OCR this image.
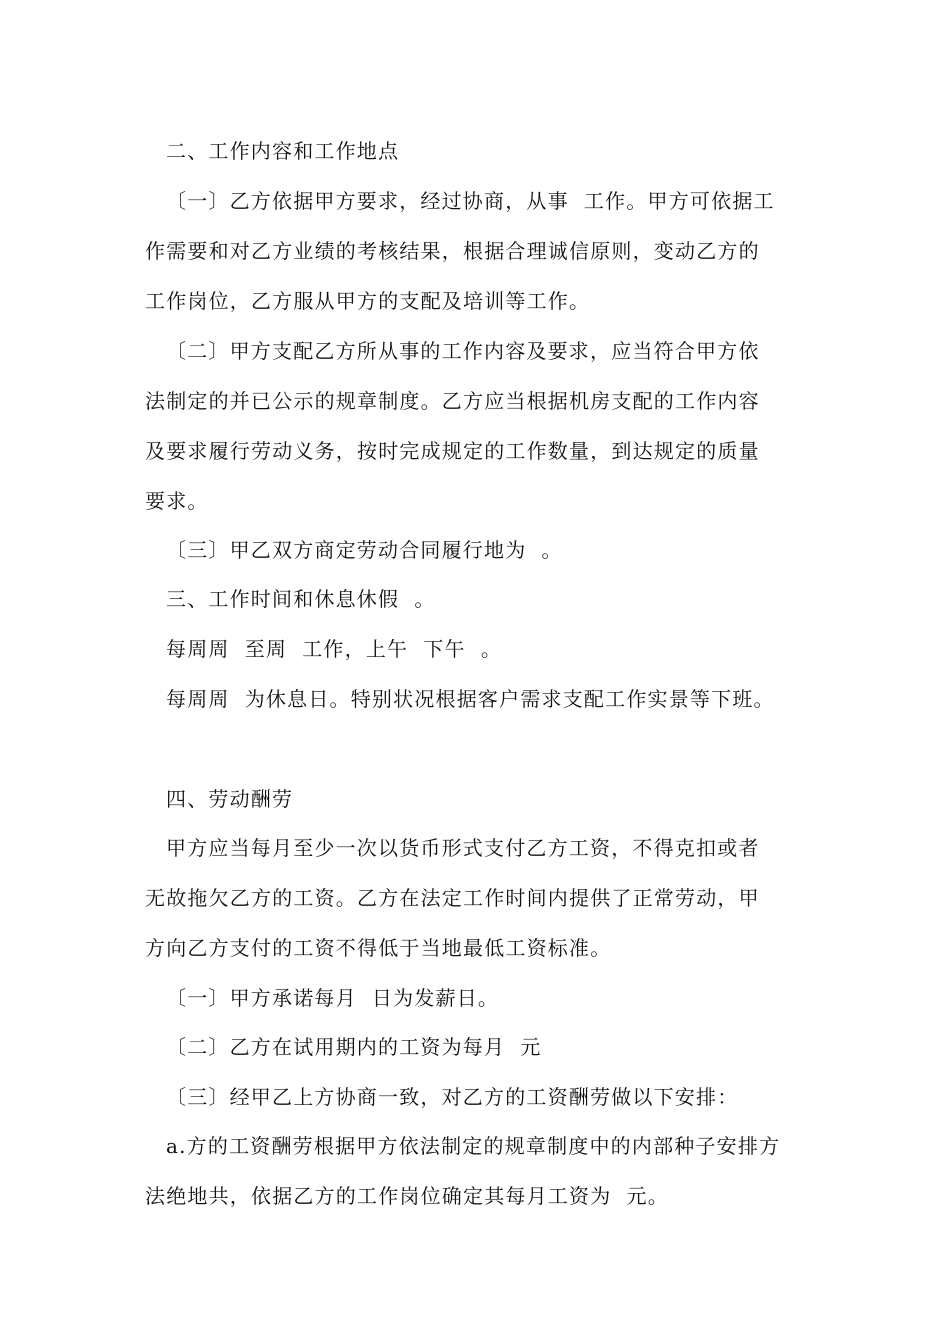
二、工作内容和工作地点
〔一〕乙方依据甲方要求，经过协商，从事  工作。甲方可依据工
作需要和对乙方业绩的考核结果，根据合理诚信原则，变动乙方的
工作岗位，乙方服从甲方的支配及培训等工作。
〔二〕甲方支配乙方所从事的工作内容及要求，应当符合甲方依
法制定的并已公示的规章制度。乙方应当根据机房支配的工作内容
及要求履行劳动义务，按时完成规定的工作数量，到达规定的质量
要求。
〔三〕甲乙双方商定劳动合同履行地为  。
三、工作时间和休息休假  。
每周周  至周  工作，上午  下午  。
每周周  为休息日。特别状况根据客户需求支配工作实景等下班。
四、劳动酬劳
甲方应当每月至少一次以货币形式支付乙方工资，不得克扣或者
无故拖欠乙方的工资。乙方在法定工作时间内提供了正常劳动，甲
方向乙方支付的工资不得低于当地最低工资标准。
〔一〕甲方承诺每月  日为发薪日。
〔二〕乙方在试用期内的工资为每月  元
〔三〕经甲乙上方协商一致，对乙方的工资酬劳做以下安排：
a.方的工资酬劳根据甲方依法制定的规章制度中的内部种子安排方
法绝地共，依据乙方的工作岗位确定其每月工资为  元。
